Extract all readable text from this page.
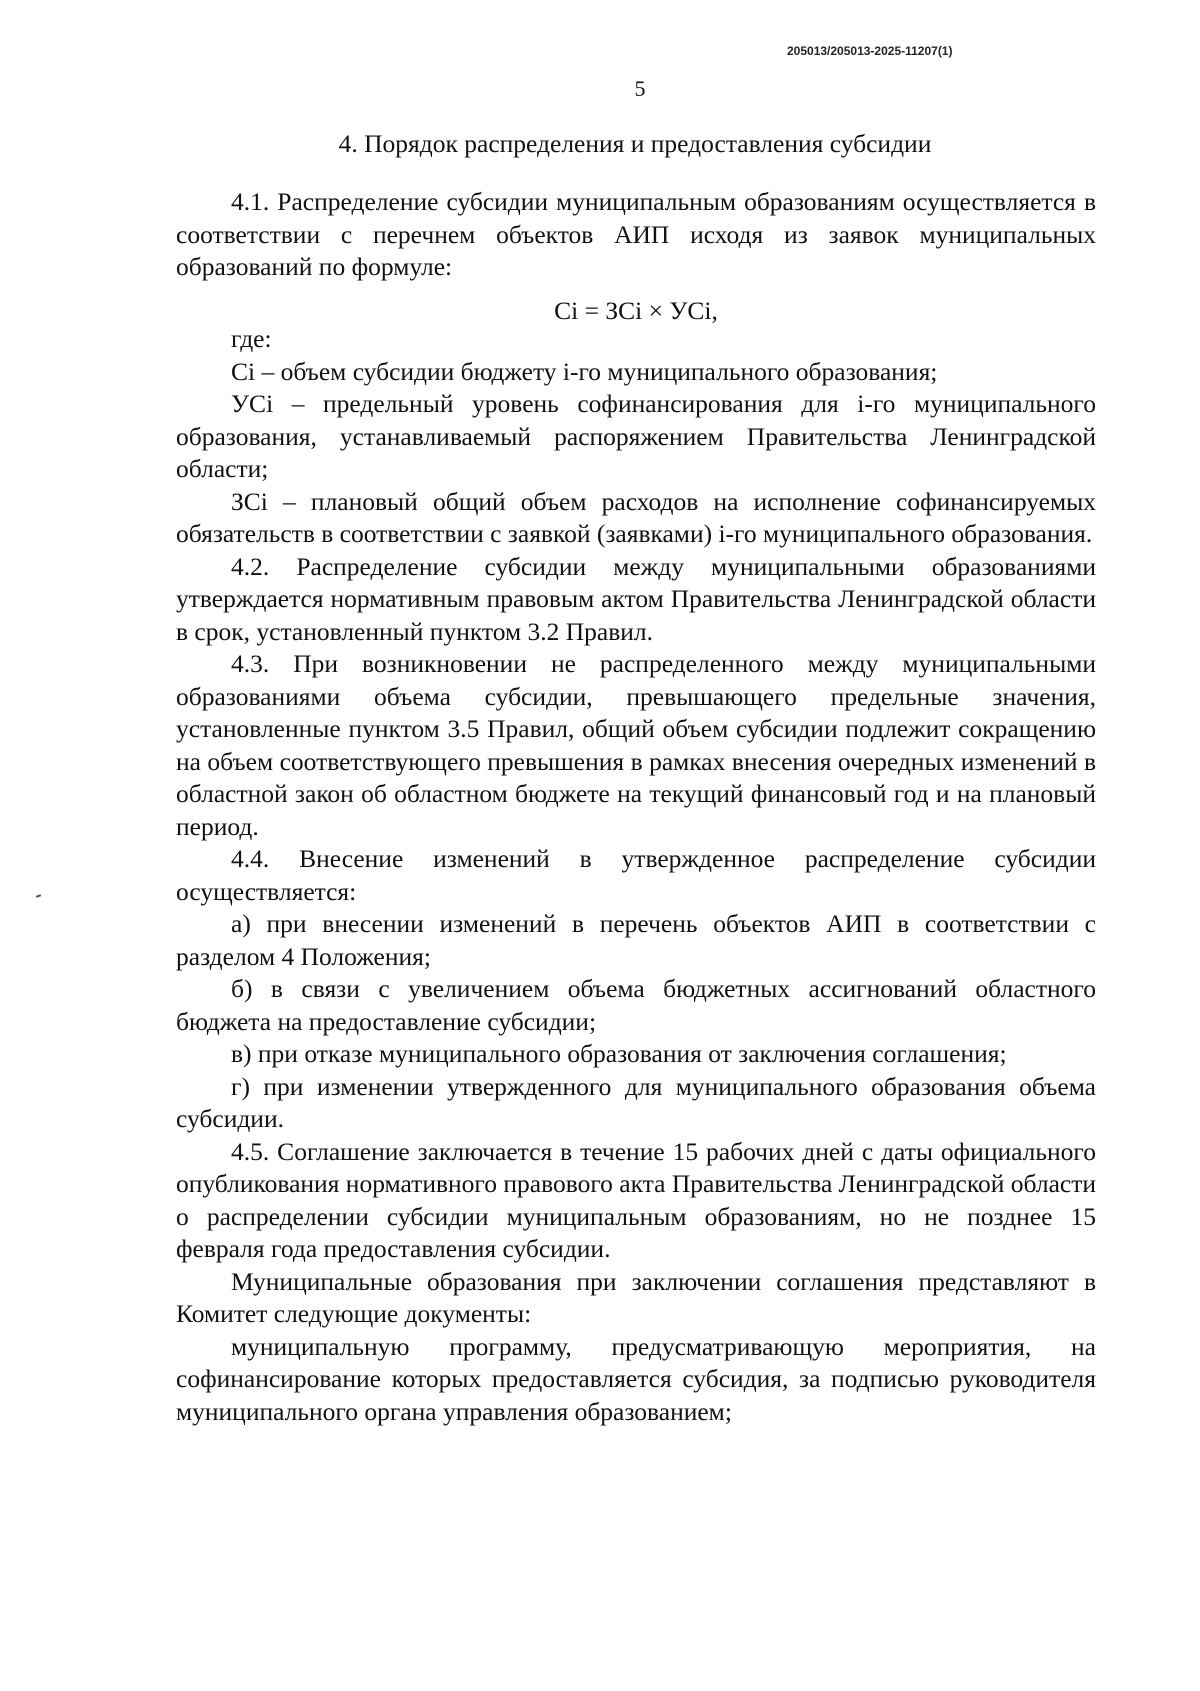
205013/205013-2025-11207(1)
5
4. Порядок распределения и предоставления субсидии

4.1. Распределение субсидии муниципальным образованиям осуществляется в соответствии с перечнем объектов АИП исходя из заявок муниципальных образований по формуле:

Ci = ЗCi × УCi,

где:

Ci – объем субсидии бюджету i-го муниципального образования;

УCi – предельный уровень софинансирования для i-го муниципального образования, устанавливаемый распоряжением Правительства Ленинградской области;

ЗCi – плановый общий объем расходов на исполнение софинансируемых обязательств в соответствии с заявкой (заявками) i-го муниципального образования.

4.2. Распределение субсидии между муниципальными образованиями утверждается нормативным правовым актом Правительства Ленинградской области в срок, установленный пунктом 3.2 Правил.

4.3. При возникновении не распределенного между муниципальными образованиями объема субсидии, превышающего предельные значения, установленные пунктом 3.5 Правил, общий объем субсидии подлежит сокращению на объем соответствующего превышения в рамках внесения очередных изменений в областной закон об областном бюджете на текущий финансовый год и на плановый период.

4.4. Внесение изменений в утвержденное распределение субсидии осуществляется:

а) при внесении изменений в перечень объектов АИП в соответствии с разделом 4 Положения;

б) в связи с увеличением объема бюджетных ассигнований областного бюджета на предоставление субсидии;

в) при отказе муниципального образования от заключения соглашения;

г) при изменении утвержденного для муниципального образования объема субсидии.

4.5. Соглашение заключается в течение 15 рабочих дней с даты официального опубликования нормативного правового акта Правительства Ленинградской области о распределении субсидии муниципальным образованиям, но не позднее 15 февраля года предоставления субсидии.

Муниципальные образования при заключении соглашения представляют в Комитет следующие документы:

муниципальную программу, предусматривающую мероприятия, на софинансирование которых предоставляется субсидия, за подписью руководителя муниципального органа управления образованием;
